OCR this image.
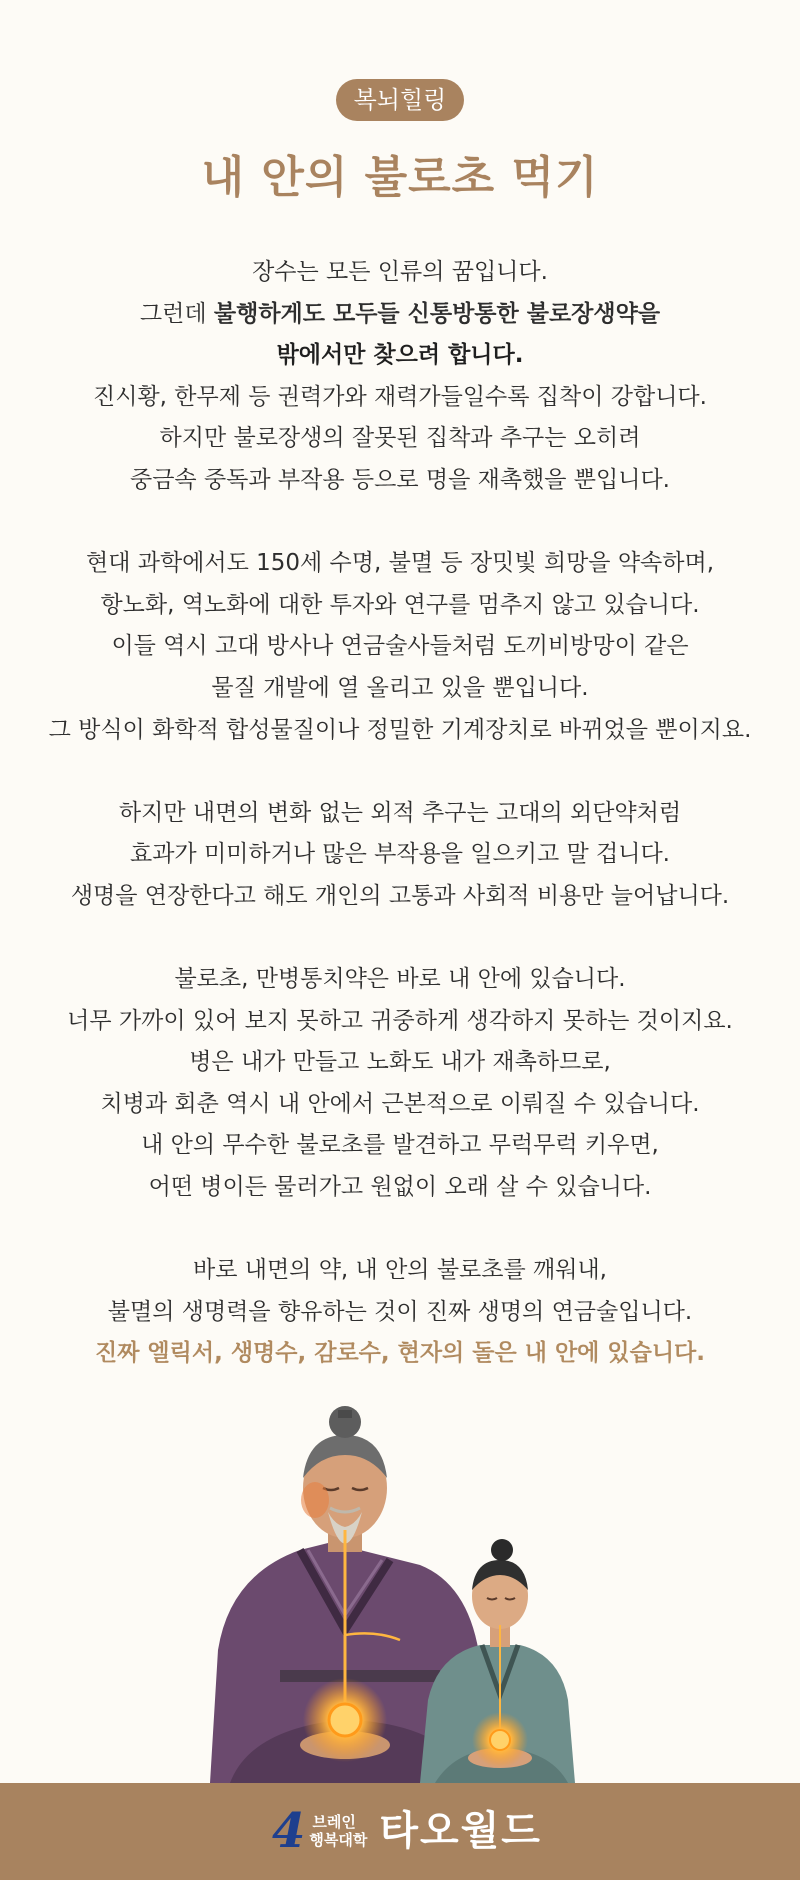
복뇌힐링
내 안의 불로초 먹기
장수는 모든 인류의 꿈입니다.
그런데 불행하게도 모두들 신통방통한 불로장생약을
밖에서만 찾으려 합니다.
진시황, 한무제 등 권력가와 재력가들일수록 집착이 강합니다.
하지만 불로장생의 잘못된 집착과 추구는 오히려
중금속 중독과 부작용 등으로 명을 재촉했을 뿐입니다.
현대 과학에서도 150세 수명, 불멸 등 장밋빛 희망을 약속하며,
항노화, 역노화에 대한 투자와 연구를 멈추지 않고 있습니다.
이들 역시 고대 방사나 연금술사들처럼 도끼비방망이 같은
물질 개발에 열 올리고 있을 뿐입니다.
그 방식이 화학적 합성물질이나 정밀한 기계장치로 바뀌었을 뿐이지요.
하지만 내면의 변화 없는 외적 추구는 고대의 외단약처럼
효과가 미미하거나 많은 부작용을 일으키고 말 겁니다.
생명을 연장한다고 해도 개인의 고통과 사회적 비용만 늘어납니다.
불로초, 만병통치약은 바로 내 안에 있습니다.
너무 가까이 있어 보지 못하고 귀중하게 생각하지 못하는 것이지요.
병은 내가 만들고 노화도 내가 재촉하므로,
치병과 회춘 역시 내 안에서 근본적으로 이뤄질 수 있습니다.
내 안의 무수한 불로초를 발견하고 무럭무럭 키우면,
어떤 병이든 물러가고 원없이 오래 살 수 있습니다.
바로 내면의 약, 내 안의 불로초를 깨워내,
불멸의 생명력을 향유하는 것이 진짜 생명의 연금술입니다.
진짜 엘릭서, 생명수, 감로수, 현자의 돌은 내 안에 있습니다.
4 브레인
행복대학 타오월드
